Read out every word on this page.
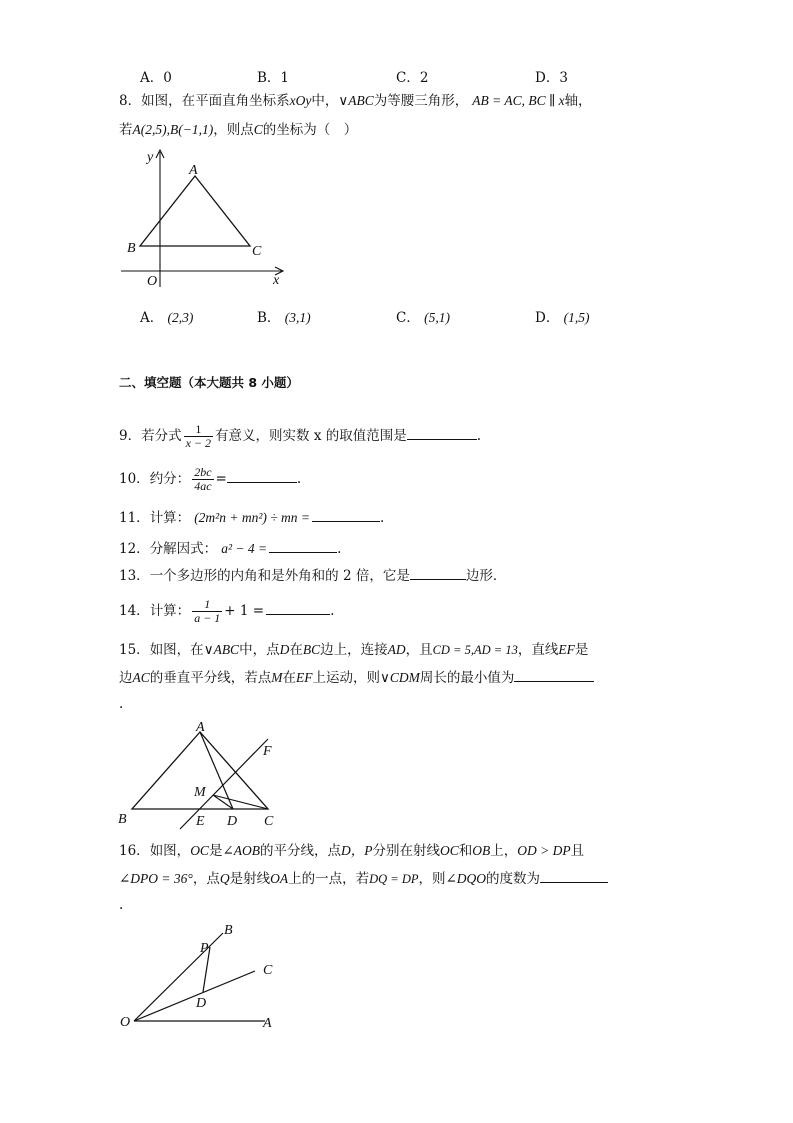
A．0	B．1	C．2	D．3
8．如图，在平面直角坐标系xOy中，∨ABC为等腰三角形， AB = AC, BC ∥ x轴，
若A(2,5),B(−1,1)，则点C的坐标为（　）
y
A
B	C
O	x
A． (2,3)	B． (3,1)	C． (5,1)	D． (1,5)
二、填空题（本大题共 8 小题）
9．若分式 $\frac{1}{x - 2}$ 有意义，则实数 x 的取值范围是	.
10．约分： $\frac{2bc}{4ac}$ =	.
11．计算： (2m²n + mn²) ÷ mn =	.
12．分解因式： a² − 4 =	.
13．一个多边形的内角和是外角和的 2 倍，它是	边形．
14．计算： $\frac{1}{a - 1} + 1$ =	.
15．如图，在∨ABC中，点D在BC边上，连接AD，且CD = 5,AD = 13，直线EF是
边AC的垂直平分线，若点M在EF上运动，则∨CDM周长的最小值为
.
A
F
M
B	E D C
16．如图，OC是∠AOB的平分线，点D，P分别在射线OC和OB上，OD > DP且
∠DPO = 36°，点Q是射线OA上的一点，若DQ = DP，则∠DQO的度数为
.
B
P
C
D
O	A
